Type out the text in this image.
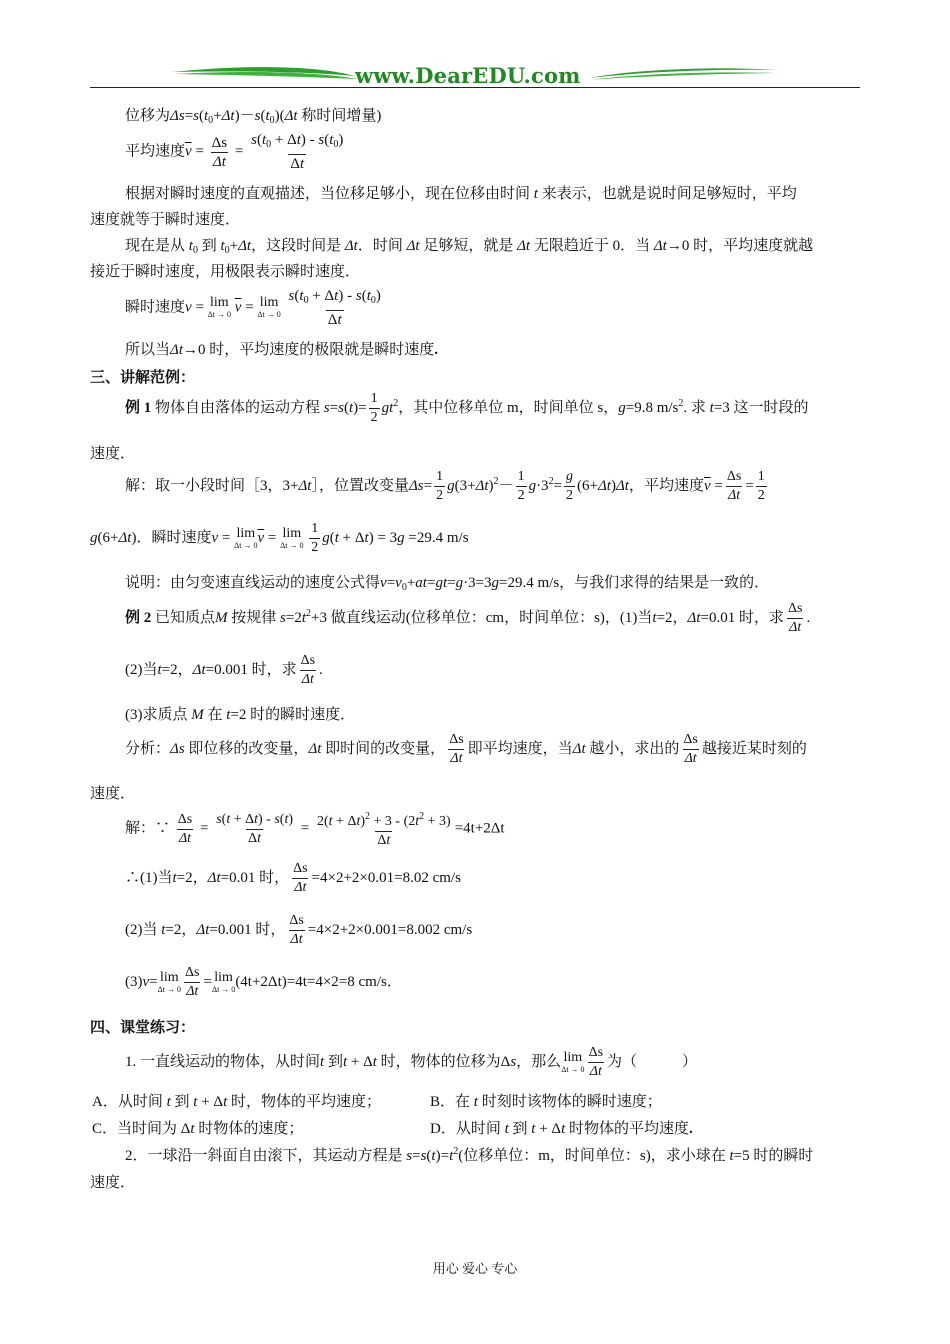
www.DearEDU.com
位移为$\Delta s=s(t_0+\Delta t)-s(t_0)(\Delta t$ 称时间增量)
平均速度$\overline{v} = \frac{\Delta s}{\Delta t} = \frac{s(t_0 + \Delta t) - s(t_0)}{\Delta t}$
根据对瞬时速度的直观描述，当位移足够小，现在位移由时间 t 来表示，也就是说时间足够短时，平均
速度就等于瞬时速度．
现在是从 $t_0$ 到 $t_0+\Delta t$，这段时间是 Δt．时间 Δt 足够短，就是 Δt 无限趋近于 0．当 Δt→0 时，平均速度就越
接近于瞬时速度，用极限表示瞬时速度．
瞬时速度v = lim
Δt → 0 $\overline{v} = \lim$
Δt → 0
$\frac{s(t_0 + \Delta t) - s(t_0)}{\Delta t}$
所以当Δt→0 时，平均速度的极限就是瞬时速度.
三、讲解范例：
例 1 物体自由落体的运动方程 $s=s(t)= \frac{1}{2} gt^2$，其中位移单位 m，时间单位 s，g=9.8 $m/s^2$. 求 t=3 这一时段的
速度．
解：取一小段时间［3，3+Δt］，位置改变量$\Delta s= \frac{1}{2} g(3+\Delta t)^2- \frac{1}{2} g\cdot 3^2= \frac{g}{2} (6+\Delta t)\Delta t$，平均速度$\overline{v} = \frac{\Delta s}{\Delta t} = \frac{1}{2}$
g(6+Δt)．瞬时速度v = lim
Δt → 0 $\overline{v} = \lim$
Δt → 0
$\frac{1}{2} g(t + \Delta t) = 3g =29.4$ m/s
说明：由匀变速直线运动的速度公式得$v=v_0+at=gt=g\cdot 3=3g=29.4$ m/s，与我们求得的结果是一致的．
例 2 已知质点M 按规律 $s=2t^2+3$ 做直线运动(位移单位：cm，时间单位：s)，(1)当t=2，Δt=0.01 时，求 $\frac{\Delta s}{\Delta t}$ .
(2)当t=2，Δt=0.001 时，求 $\frac{\Delta s}{\Delta t}$ .
(3)求质点 M 在 t=2 时的瞬时速度．
分析：Δs 即位移的改变量，Δt 即时间的改变量， $\frac{\Delta s}{\Delta t}$ 即平均速度，当Δt 越小，求出的 $\frac{\Delta s}{\Delta t}$ 越接近某时刻的
速度．
解：∵ $\frac{\Delta s}{\Delta t} = \frac{s(t + \Delta t) - s(t)}{\Delta t} = \frac{2(t + \Delta t)^2 + 3 - (2t^2 + 3)}{\Delta t} =4t+2\Delta t$
∴(1)当t=2，Δt=0.01 时， $\frac{\Delta s}{\Delta t} =4\times 2+2\times 0.01=8.02$ cm/s
(2)当 t=2，Δt=0.001 时， $\frac{\Delta s}{\Delta t} =4\times 2+2\times 0.001=8.002$ cm/s
(3)v= lim
$\Delta t \to 0 \frac{\Delta s}{\Delta t} = \lim$
Δt → 0 (4t+2Δt)=4t=4×2=8 cm/s．
四、课堂练习：
1. 一直线运动的物体，从时间t 到t + Δt 时，物体的位移为Δs，那么 lim
$\Delta t \to 0 \frac{\Delta s}{\Delta t}$ 为（　　　）
A．从时间 t 到 t + Δt 时，物体的平均速度；	B．在 t 时刻时该物体的瞬时速度；
C．当时间为 Δt 时物体的速度；	D．从时间 t 到 t + Δt 时物体的平均速度.
2．一球沿一斜面自由滚下，其运动方程是 $s=s(t)=t^2$(位移单位：m，时间单位：s)，求小球在 t=5 时的瞬时
速度．
用心 爱心 专心
